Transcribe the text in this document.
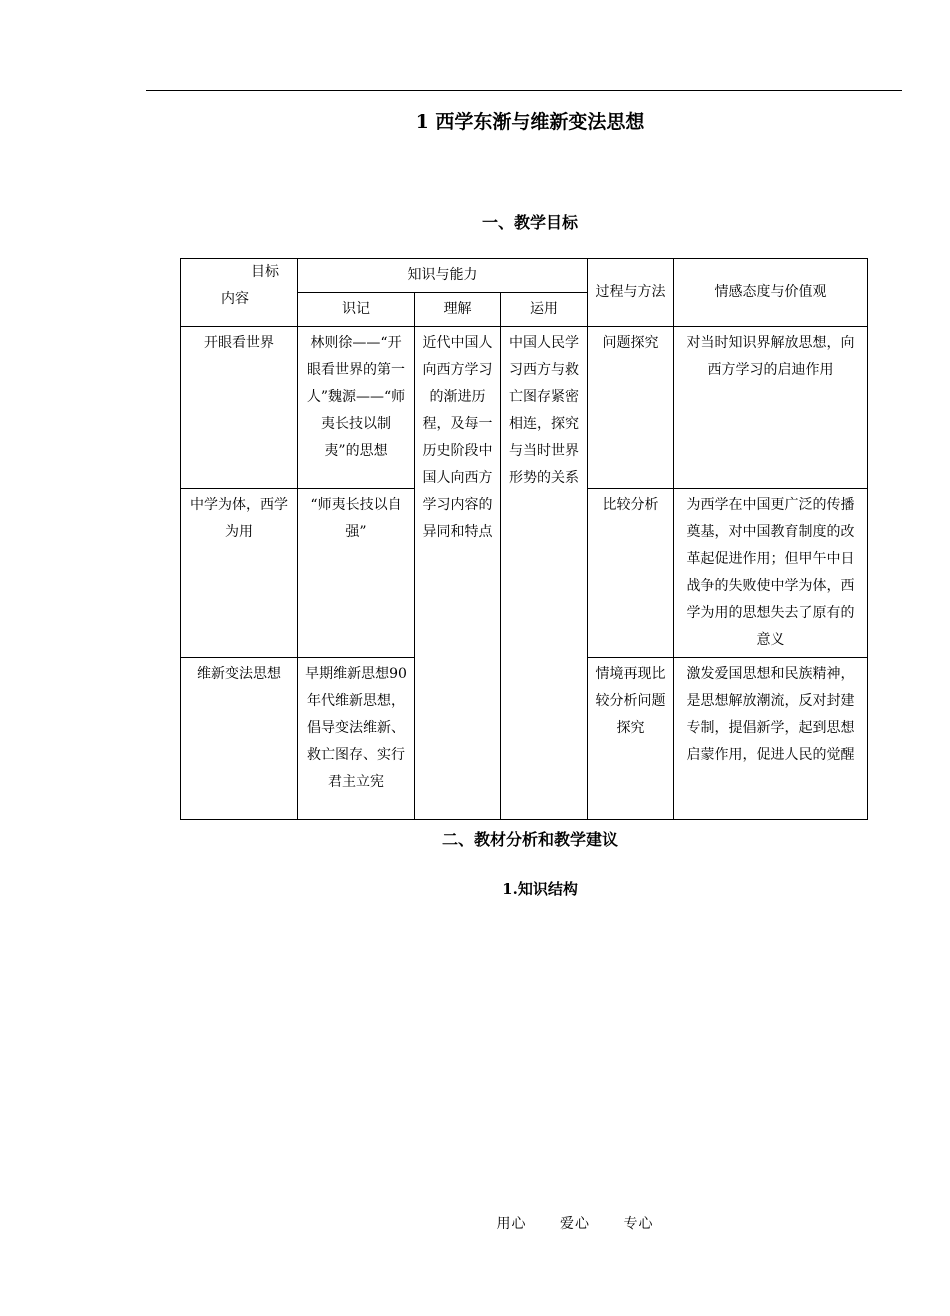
1 西学东渐与维新变法思想
一、教学目标
目标
内容	知识与能力			过程与方法	情感态度与价值观
	识记	理解	运用		
开眼看世界	林则徐——“开眼看世界的第一人”魏源——“师夷长技以制夷”的思想	近代中国人向西方学习的渐进历程，及每一历史阶段中国人向西方学习内容的异同和特点	中国人民学习西方与救亡图存紧密相连，探究与当时世界形势的关系	问题探究	对当时知识界解放思想，向西方学习的启迪作用
中学为体，西学为用	“师夷长技以自强”			比较分析	为西学在中国更广泛的传播奠基，对中国教育制度的改革起促进作用；但甲午中日战争的失败使中学为体，西学为用的思想失去了原有的意义
维新变法思想	早期维新思想90年代维新思想，倡导变法维新、救亡图存、实行君主立宪			情境再现比较分析问题探究	激发爱国思想和民族精神，是思想解放潮流，反对封建专制，提倡新学，起到思想启蒙作用，促进人民的觉醒
二、教材分析和教学建议
1.知识结构
用心 爱心 专心
